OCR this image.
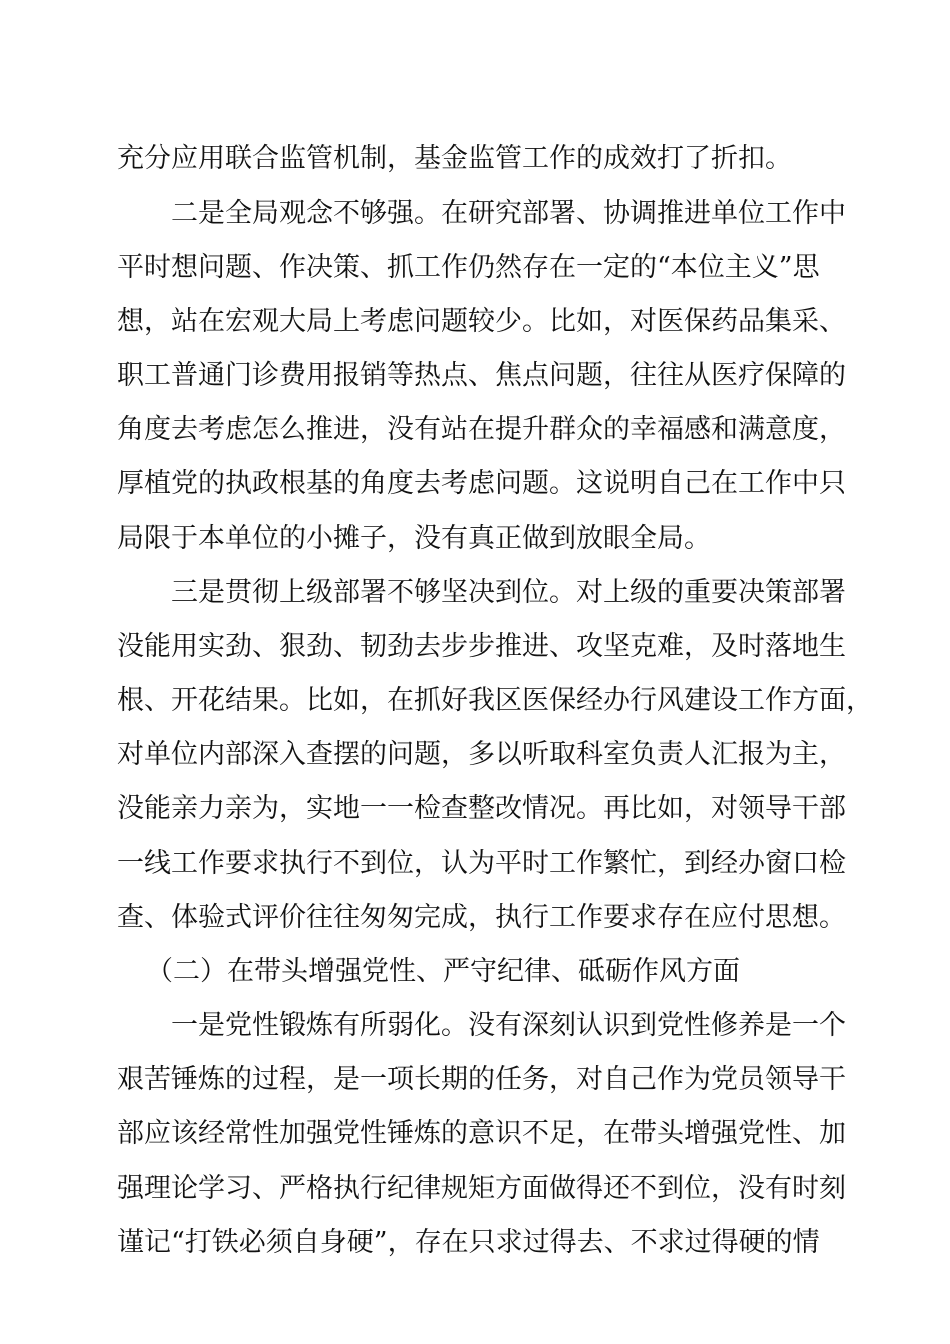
充分应用联合监管机制，基金监管工作的成效打了折扣。
二是全局观念不够强。在研究部署、协调推进单位工作中
平时想问题、作决策、抓工作仍然存在一定的“本位主义”思
想，站在宏观大局上考虑问题较少。比如，对医保药品集采、
职工普通门诊费用报销等热点、焦点问题，往往从医疗保障的
角度去考虑怎么推进，没有站在提升群众的幸福感和满意度，
厚植党的执政根基的角度去考虑问题。这说明自己在工作中只
局限于本单位的小摊子，没有真正做到放眼全局。
三是贯彻上级部署不够坚决到位。对上级的重要决策部署
没能用实劲、狠劲、韧劲去步步推进、攻坚克难，及时落地生
根、开花结果。比如，在抓好我区医保经办行风建设工作方面，
对单位内部深入查摆的问题，多以听取科室负责人汇报为主，
没能亲力亲为，实地一一检查整改情况。再比如，对领导干部
一线工作要求执行不到位，认为平时工作繁忙，到经办窗口检
查、体验式评价往往匆匆完成，执行工作要求存在应付思想。
（二）在带头增强党性、严守纪律、砥砺作风方面
一是党性锻炼有所弱化。没有深刻认识到党性修养是一个
艰苦锤炼的过程，是一项长期的任务，对自己作为党员领导干
部应该经常性加强党性锤炼的意识不足，在带头增强党性、加
强理论学习、严格执行纪律规矩方面做得还不到位，没有时刻
谨记“打铁必须自身硬”，存在只求过得去、不求过得硬的情
